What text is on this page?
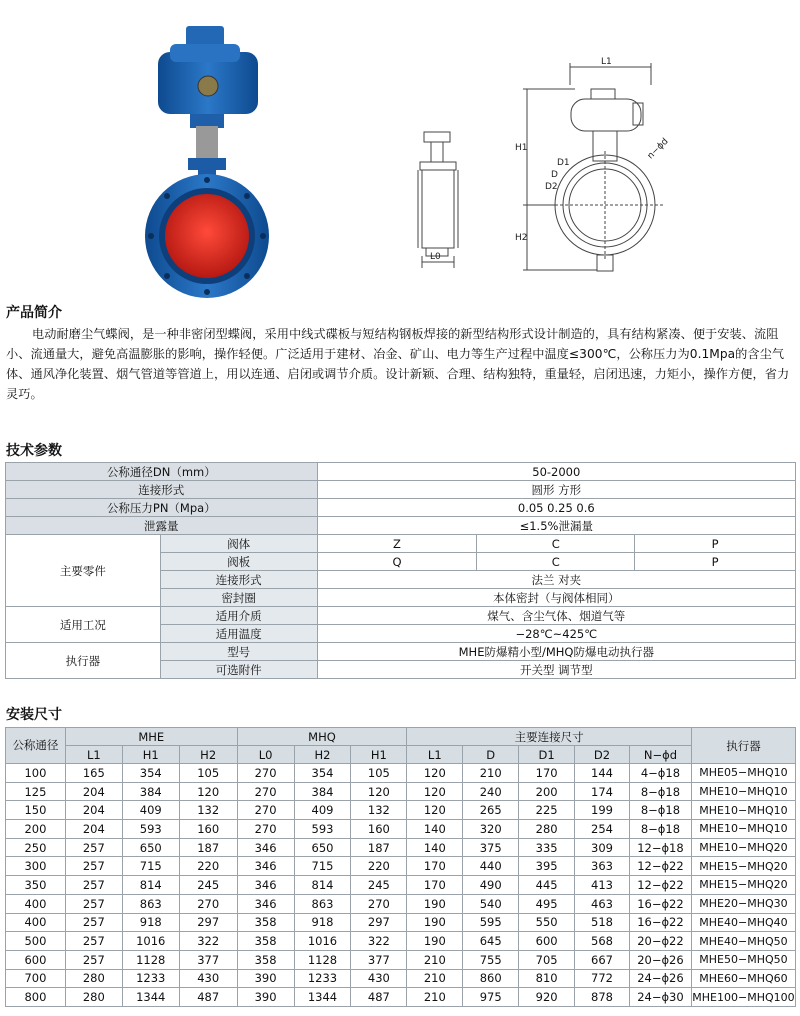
L0
L1
H1
H2
D1
D
D2
n−ϕd
产品简介
电动耐磨尘气蝶阀，是一种非密闭型蝶阀，采用中线式碟板与短结构钢板焊接的新型结构形式设计制造的，具有结构紧凑、便于安装、流阻小、流通量大，避免高温膨胀的影响，操作轻便。广泛适用于建材、冶金、矿山、电力等生产过程中温度≤300℃，公称压力为0.1Mpa的含尘气体、通风净化装置、烟气管道等管道上，用以连通、启闭或调节介质。设计新颖、合理、结构独特，重量轻，启闭迅速，力矩小，操作方便，省力灵巧。
技术参数
公称通径DN（mm）		50-2000		
连接形式		圆形 方形		
公称压力PN（Mpa）		0.05 0.25 0.6		
泄露量		≤1.5%泄漏量		
主要零件	阀体	Z	C	P
	阀板	Q	C	P
	连接形式	法兰 对夹		
	密封圈	本体密封（与阀体相同）		
适用工况	适用介质	煤气、含尘气体、烟道气等		
	适用温度	−28℃~425℃		
执行器	型号	MHE防爆精小型/MHQ防爆电动执行器		
	可选附件	开关型 调节型		
安装尺寸
公称通径	MHE			MHQ			主要连接尺寸					执行器
	L1	H1	H2	L0	H2	H1	L1	D	D1	D2	N−ϕd	
100	165	354	105	270	354	105	120	210	170	144	4−ϕ18	MHE05−MHQ10
125	204	384	120	270	384	120	120	240	200	174	8−ϕ18	MHE10−MHQ10
150	204	409	132	270	409	132	120	265	225	199	8−ϕ18	MHE10−MHQ10
200	204	593	160	270	593	160	140	320	280	254	8−ϕ18	MHE10−MHQ10
250	257	650	187	346	650	187	140	375	335	309	12−ϕ18	MHE10−MHQ20
300	257	715	220	346	715	220	170	440	395	363	12−ϕ22	MHE15−MHQ20
350	257	814	245	346	814	245	170	490	445	413	12−ϕ22	MHE15−MHQ20
400	257	863	270	346	863	270	190	540	495	463	16−ϕ22	MHE20−MHQ30
400	257	918	297	358	918	297	190	595	550	518	16−ϕ22	MHE40−MHQ40
500	257	1016	322	358	1016	322	190	645	600	568	20−ϕ22	MHE40−MHQ50
600	257	1128	377	358	1128	377	210	755	705	667	20−ϕ26	MHE50−MHQ50
700	280	1233	430	390	1233	430	210	860	810	772	24−ϕ26	MHE60−MHQ60
800	280	1344	487	390	1344	487	210	975	920	878	24−ϕ30	MHE100−MHQ100
